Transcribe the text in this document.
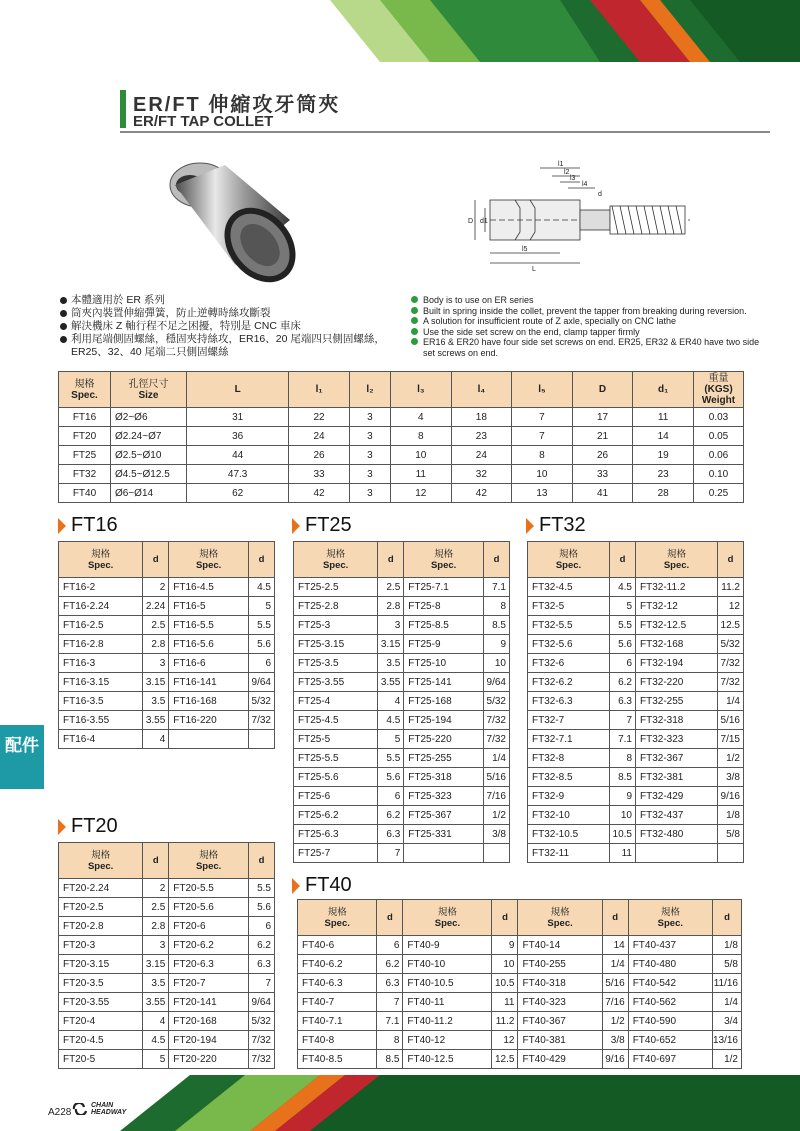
ER/FT 伸縮攻牙筒夾
ER/FT TAP COLLET
l1
l2
l3
l4
d
D d1
l5
L
本體適用於 ER 系列
筒夾內裝置伸縮彈簧，防止逆轉時絲攻斷裂
解決機床 Z 軸行程不足之困擾，特別是 CNC 車床
利用尾端側固螺絲，穩固夾持絲攻，ER16、20 尾端四只側固螺絲，ER25、32、40 尾端二只側固螺絲
Body is to use on ER series
Built in spring inside the collet, prevent the tapper from breaking during reversion.
A solution for insufficient route of Z axle, specially on CNC lathe
Use the side set screw on the end, clamp tapper firmly
ER16 & ER20 have four side set screws on end. ER25, ER32 & ER40 have two side set screws on end.
規格
Spec.	孔徑尺寸
Size	L	l₁	l₂	l₃	l₄	l₅	D	d₁	重量
(KGS)
Weight
FT16	Ø2~Ø6	31	22	3	4	18	7	17	11	0.03
FT20	Ø2.24~Ø7	36	24	3	8	23	7	21	14	0.05
FT25	Ø2.5~Ø10	44	26	3	10	24	8	26	19	0.06
FT32	Ø4.5~Ø12.5	47.3	33	3	11	32	10	33	23	0.10
FT40	Ø6~Ø14	62	42	3	12	42	13	41	28	0.25
FT16	FT25	FT32
FT20
FT40
規格
Spec.	d	規格
Spec.	d
FT16-2	2	FT16-4.5	4.5
FT16-2.24	2.24	FT16-5	5
FT16-2.5	2.5	FT16-5.5	5.5
FT16-2.8	2.8	FT16-5.6	5.6
FT16-3	3	FT16-6	6
FT16-3.15	3.15	FT16-141	9/64
FT16-3.5	3.5	FT16-168	5/32
FT16-3.55	3.55	FT16-220	7/32
FT16-4	4		
規格
Spec.	d	規格
Spec.	d
FT20-2.24	2	FT20-5.5	5.5
FT20-2.5	2.5	FT20-5.6	5.6
FT20-2.8	2.8	FT20-6	6
FT20-3	3	FT20-6.2	6.2
FT20-3.15	3.15	FT20-6.3	6.3
FT20-3.5	3.5	FT20-7	7
FT20-3.55	3.55	FT20-141	9/64
FT20-4	4	FT20-168	5/32
FT20-4.5	4.5	FT20-194	7/32
FT20-5	5	FT20-220	7/32
規格
Spec.	d	規格
Spec.	d
FT25-2.5	2.5	FT25-7.1	7.1
FT25-2.8	2.8	FT25-8	8
FT25-3	3	FT25-8.5	8.5
FT25-3.15	3.15	FT25-9	9
FT25-3.5	3.5	FT25-10	10
FT25-3.55	3.55	FT25-141	9/64
FT25-4	4	FT25-168	5/32
FT25-4.5	4.5	FT25-194	7/32
FT25-5	5	FT25-220	7/32
FT25-5.5	5.5	FT25-255	1/4
FT25-5.6	5.6	FT25-318	5/16
FT25-6	6	FT25-323	7/16
FT25-6.2	6.2	FT25-367	1/2
FT25-6.3	6.3	FT25-331	3/8
FT25-7	7		
規格
Spec.	d	規格
Spec.	d
FT32-4.5	4.5	FT32-11.2	11.2
FT32-5	5	FT32-12	12
FT32-5.5	5.5	FT32-12.5	12.5
FT32-5.6	5.6	FT32-168	5/32
FT32-6	6	FT32-194	7/32
FT32-6.2	6.2	FT32-220	7/32
FT32-6.3	6.3	FT32-255	1/4
FT32-7	7	FT32-318	5/16
FT32-7.1	7.1	FT32-323	7/15
FT32-8	8	FT32-367	1/2
FT32-8.5	8.5	FT32-381	3/8
FT32-9	9	FT32-429	9/16
FT32-10	10	FT32-437	1/8
FT32-10.5	10.5	FT32-480	5/8
FT32-11	11		
規格
Spec.	d	規格
Spec.	d	規格
Spec.	d	規格
Spec.	d
FT40-6	6	FT40-9	9	FT40-14	14	FT40-437	1/8
FT40-6.2	6.2	FT40-10	10	FT40-255	1/4	FT40-480	5/8
FT40-6.3	6.3	FT40-10.5	10.5	FT40-318	5/16	FT40-542	11/16
FT40-7	7	FT40-11	11	FT40-323	7/16	FT40-562	1/4
FT40-7.1	7.1	FT40-11.2	11.2	FT40-367	1/2	FT40-590	3/4
FT40-8	8	FT40-12	12	FT40-381	3/8	FT40-652	13/16
FT40-8.5	8.5	FT40-12.5	12.5	FT40-429	9/16	FT40-697	1/2
配件
A228
CHAIN
HEADWAY
